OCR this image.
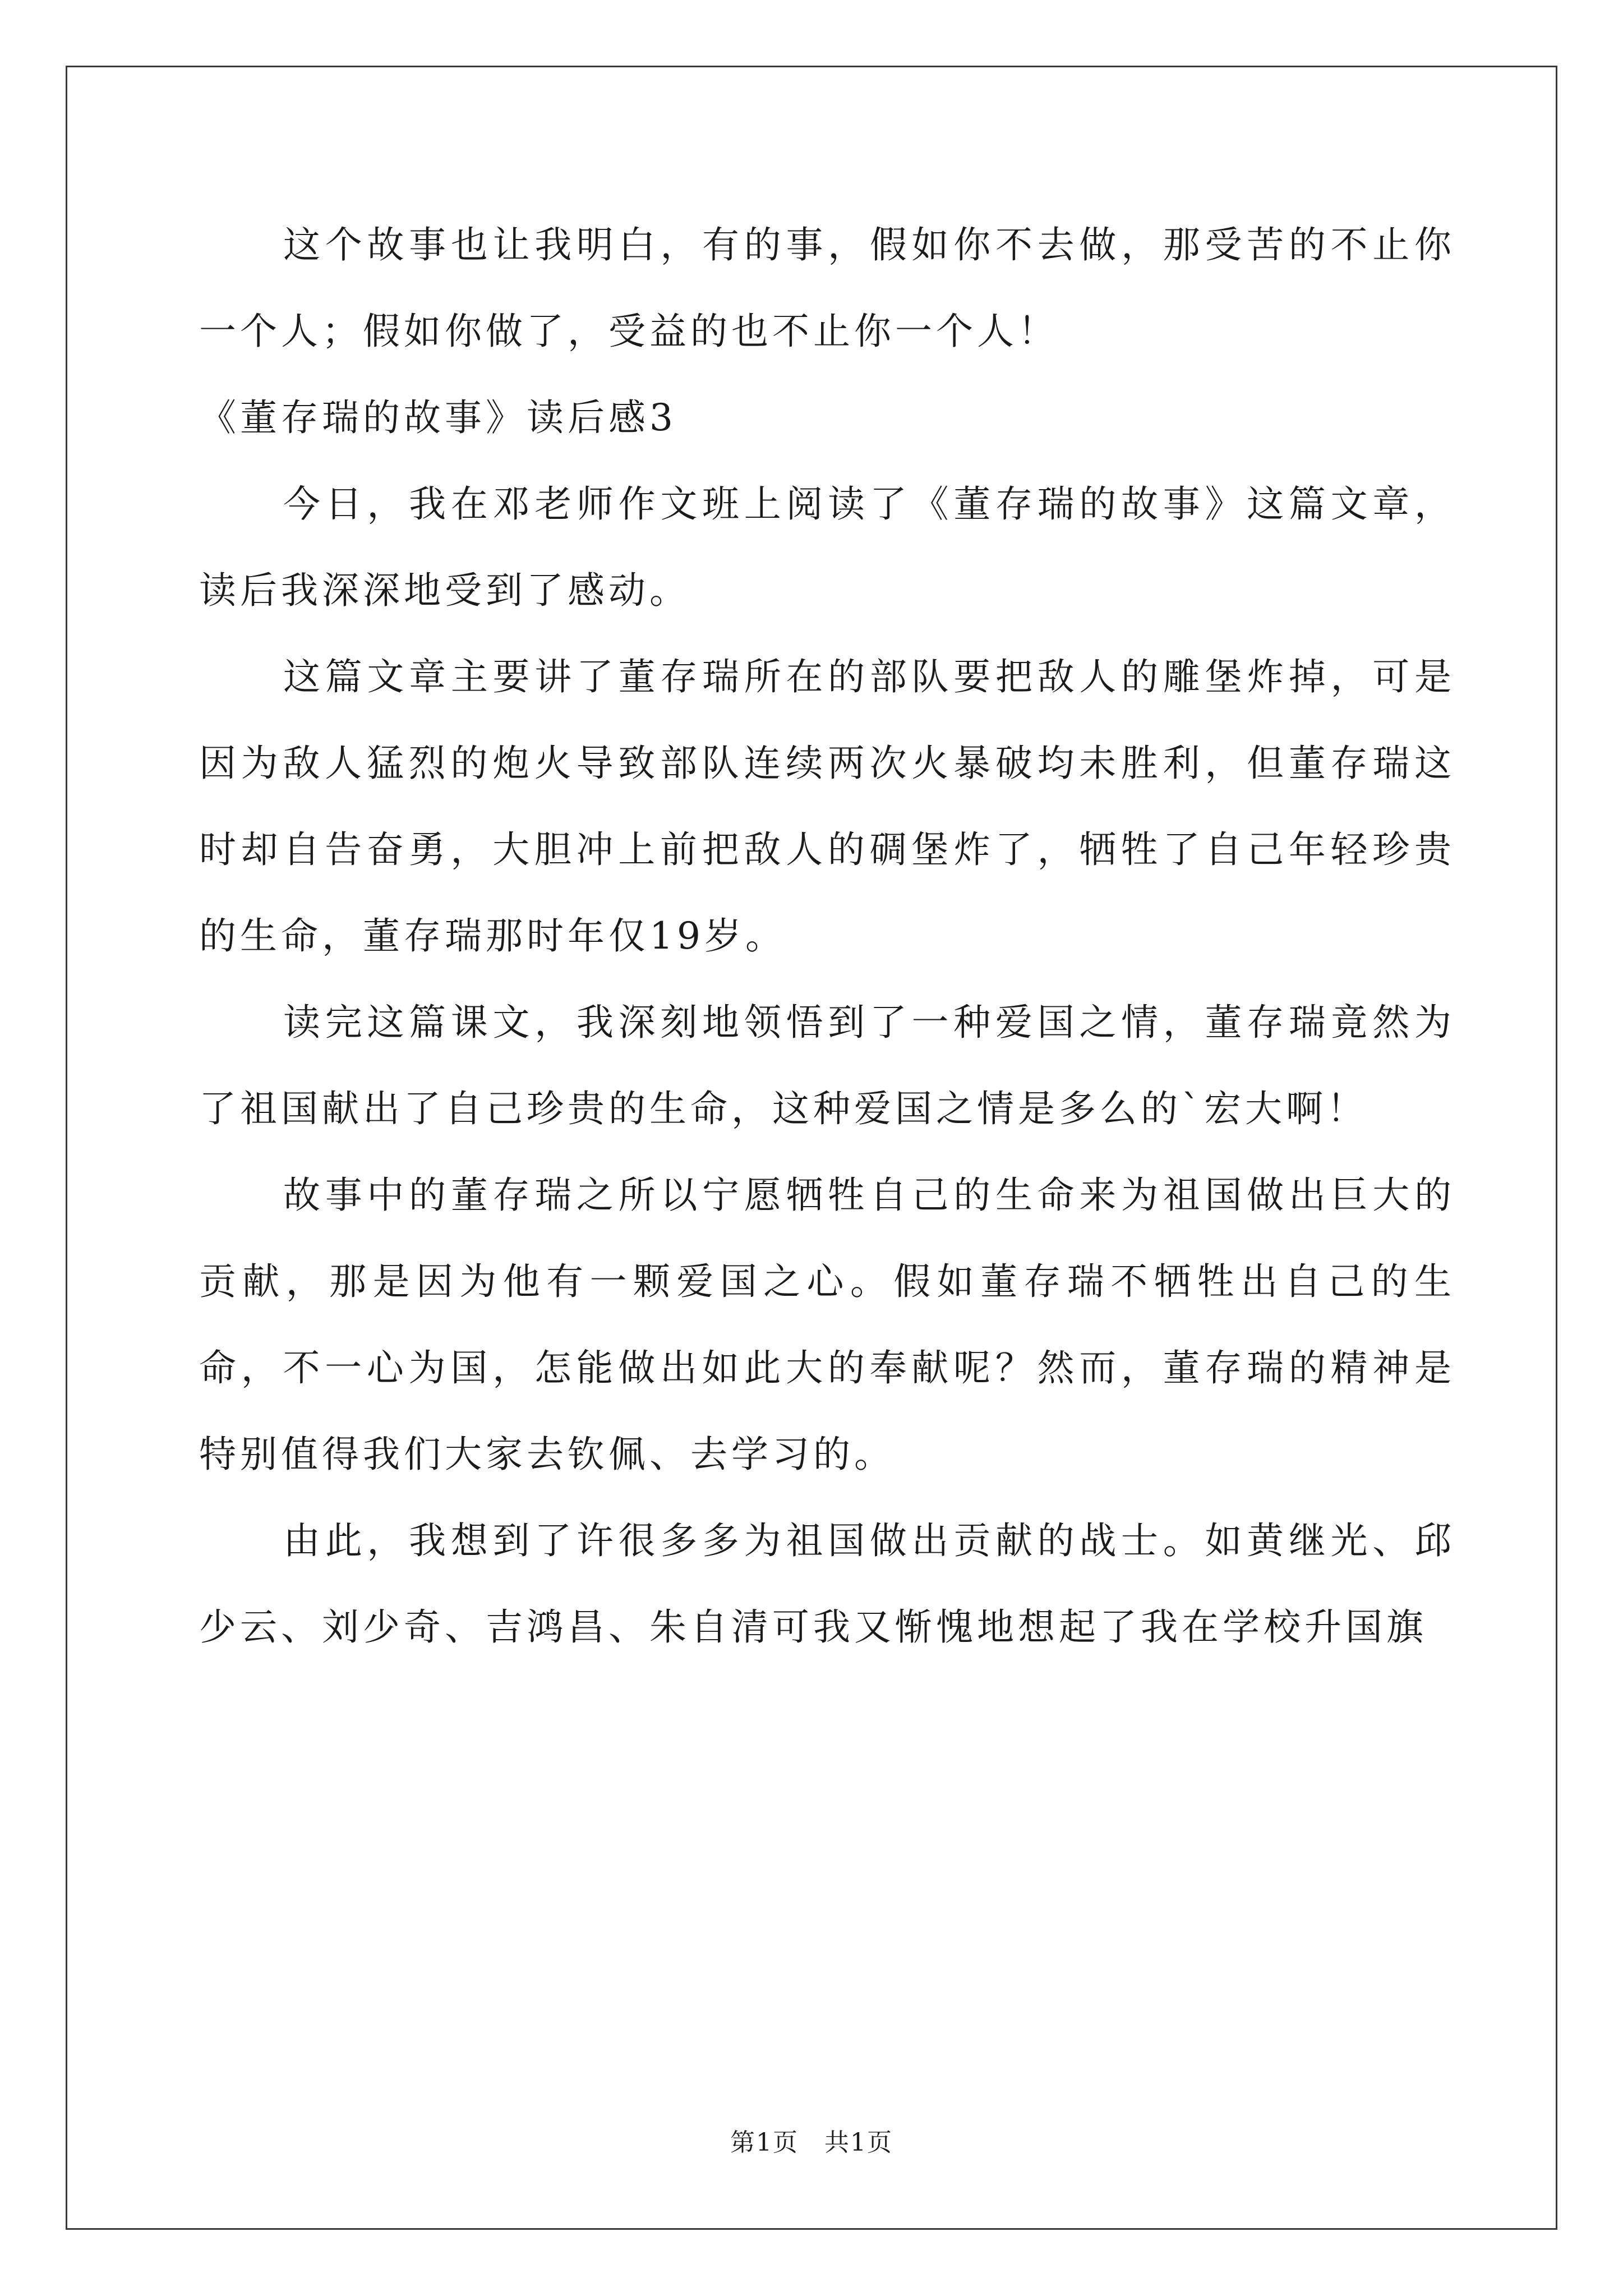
这个故事也让我明白，有的事，假如你不去做，那受苦的不止你一个人；假如你做了，受益的也不止你一个人！

《董存瑞的故事》读后感3

今日，我在邓老师作文班上阅读了《董存瑞的故事》这篇文章，读后我深深地受到了感动。

这篇文章主要讲了董存瑞所在的部队要把敌人的雕堡炸掉，可是因为敌人猛烈的炮火导致部队连续两次火暴破均未胜利，但董存瑞这时却自告奋勇，大胆冲上前把敌人的碉堡炸了，牺牲了自己年轻珍贵的生命，董存瑞那时年仅19岁。

读完这篇课文，我深刻地领悟到了一种爱国之情，董存瑞竟然为了祖国献出了自己珍贵的生命，这种爱国之情是多么的`宏大啊！

故事中的董存瑞之所以宁愿牺牲自己的生命来为祖国做出巨大的贡献，那是因为他有一颗爱国之心。假如董存瑞不牺牲出自己的生命，不一心为国，怎能做出如此大的奉献呢？然而，董存瑞的精神是特别值得我们大家去钦佩、去学习的。

由此，我想到了许很多多为祖国做出贡献的战士。如黄继光、邱少云、刘少奇、吉鸿昌、朱自清可我又惭愧地想起了我在学校升国旗

第1页　共1页
